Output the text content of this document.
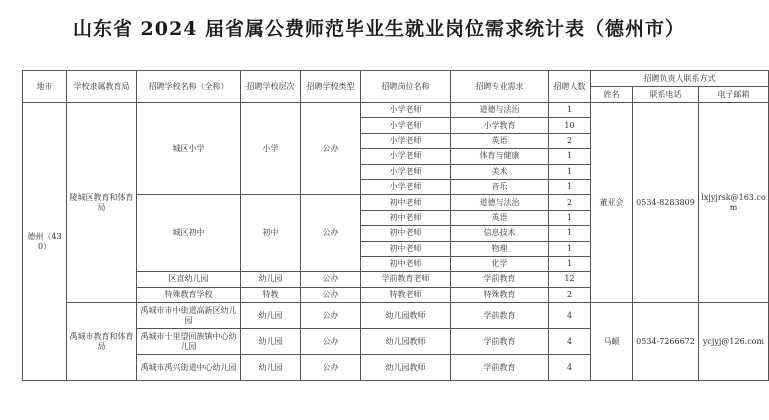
山东省 2024 届省属公费师范毕业生就业岗位需求统计表（德州市）
地市	学校隶属教育局	招聘学校名称（全称）	招聘学校层次	招聘学校类型	招聘岗位名称	招聘专业需求	招聘人数	招聘负责人联系方式		
								姓名	联系电话	电子邮箱
德州（430）	陵城区教育和体育局	城区小学	小学	公办	小学老师	道德与法治	1	董亚会	0534-8283809	lxjyjrsk@163.com
					小学老师	小学教育	10			
					小学老师	英语	2			
					小学老师	体育与健康	1			
					小学老师	美术	1			
					小学老师	音乐	1			
		城区初中	初中	公办	初中老师	道德与法治	2			
					初中老师	英语	1			
					初中老师	信息技术	1			
					初中老师	物理	1			
					初中老师	化学	1			
		区直幼儿园	幼儿园	公办	学前教育老师	学前教育	12			
		特殊教育学校	特教	公办	特教老师	特殊教育	2			
	禹城市教育和体育局	禹城市市中街道高新区幼儿园	幼儿园	公办	幼儿园教师	学前教育	4	马頔	0534-7266672	ycjyj@126.com
		禹城市十里望回族镇中心幼儿园	幼儿园	公办	幼儿园教师	学前教育	4			
		禹城市禹兴街道中心幼儿园	幼儿园	公办	幼儿园教师	学前教育	4			
